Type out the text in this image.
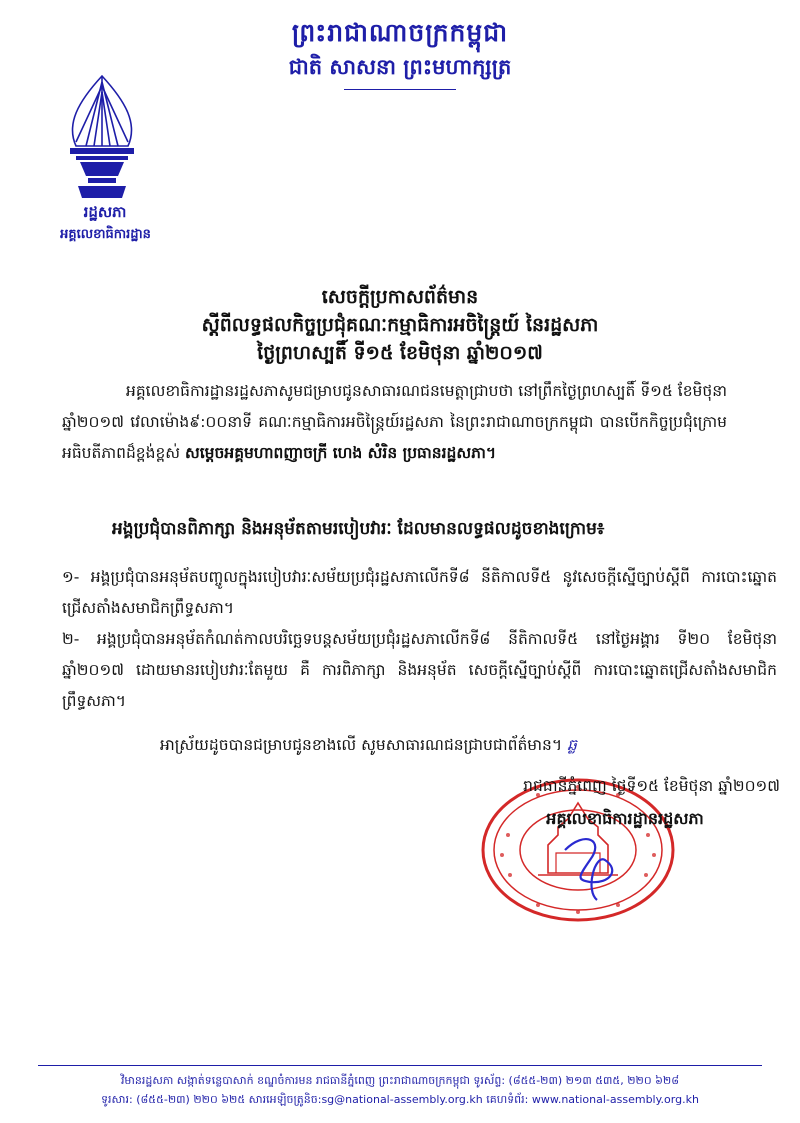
ព្រះរាជាណាចក្រកម្ពុជា
ជាតិ សាសនា ព្រះមហាក្សត្រ
រដ្ឋសភា
អគ្គលេខាធិការដ្ឋាន
សេចក្តីប្រកាសព័ត៌មាន
ស្តីពីលទ្ធផលកិច្ចប្រជុំគណៈកម្មាធិការអចិន្ត្រៃយ៍ នៃរដ្ឋសភា
ថ្ងៃព្រហស្បតិ៍ ទី១៥ ខែមិថុនា ឆ្នាំ២០១៧
អគ្គលេខាធិការដ្ឋានរដ្ឋសភាសូមជម្រាបជូនសាធារណជនមេត្តាជ្រាបថា នៅព្រឹកថ្ងៃព្រហស្បតិ៍ ទី១៥ ខែមិថុនា ឆ្នាំ២០១៧ វេលាម៉ោង៩:០០នាទី គណៈកម្មាធិការអចិន្ត្រៃយ៍រដ្ឋសភា នៃព្រះរាជាណាចក្រកម្ពុជា បានបើកកិច្ចប្រជុំក្រោមអធិបតីភាពដ៏ខ្ពង់ខ្ពស់ សម្តេចអគ្គមហាពញាចក្រី ហេង សំរិន ប្រធានរដ្ឋសភា។
អង្គប្រជុំបានពិភាក្សា និងអនុម័តតាមរបៀបវារៈ ដែលមានលទ្ធផលដូចខាងក្រោម៖
១- អង្គប្រជុំបានអនុម័តបញ្ចូលក្នុងរបៀបវារៈសម័យប្រជុំរដ្ឋសភាលើកទី៨ នីតិកាលទី៥ នូវសេចក្តីស្នើច្បាប់ស្តីពី ការបោះឆ្នោតជ្រើសតាំងសមាជិកព្រឹទ្ធសភា។
២- អង្គប្រជុំបានអនុម័តកំណត់កាលបរិច្ឆេទបន្តសម័យប្រជុំរដ្ឋសភាលើកទី៨ នីតិកាលទី៥ នៅថ្ងៃអង្គារ ទី២០ ខែមិថុនា ឆ្នាំ២០១៧ ដោយមានរបៀបវារៈតែមួយ គឺ ការពិភាក្សា និងអនុម័ត សេចក្តីស្នើច្បាប់ស្តីពី ការបោះឆ្នោតជ្រើសតាំងសមាជិកព្រឹទ្ធសភា។
អាស្រ័យដូចបានជម្រាបជូនខាងលើ សូមសាធារណជនជ្រាបជាព័ត៌មាន។ ឆ្ល
រាជធានីភ្នំពេញ ថ្ងៃទី១៥ ខែមិថុនា ឆ្នាំ២០១៧
អគ្គលេខាធិការដ្ឋានរដ្ឋសភា
វិមានរដ្ឋសភា សង្កាត់ទន្លេបាសាក់ ខណ្ឌចំការមន រាជធានីភ្នំពេញ ព្រះរាជាណាចក្រកម្ពុជា ទូរស័ព្ទ: (៨៥៥-២៣) ២១៣ ៥៣៥, ២២០ ៦២៨
ទូរសារ: (៨៥៥-២៣) ២២០ ៦២៥ សារអេឡិចត្រូនិច:sg@national-assembly.org.kh គេហទំព័រ: www.national-assembly.org.kh
